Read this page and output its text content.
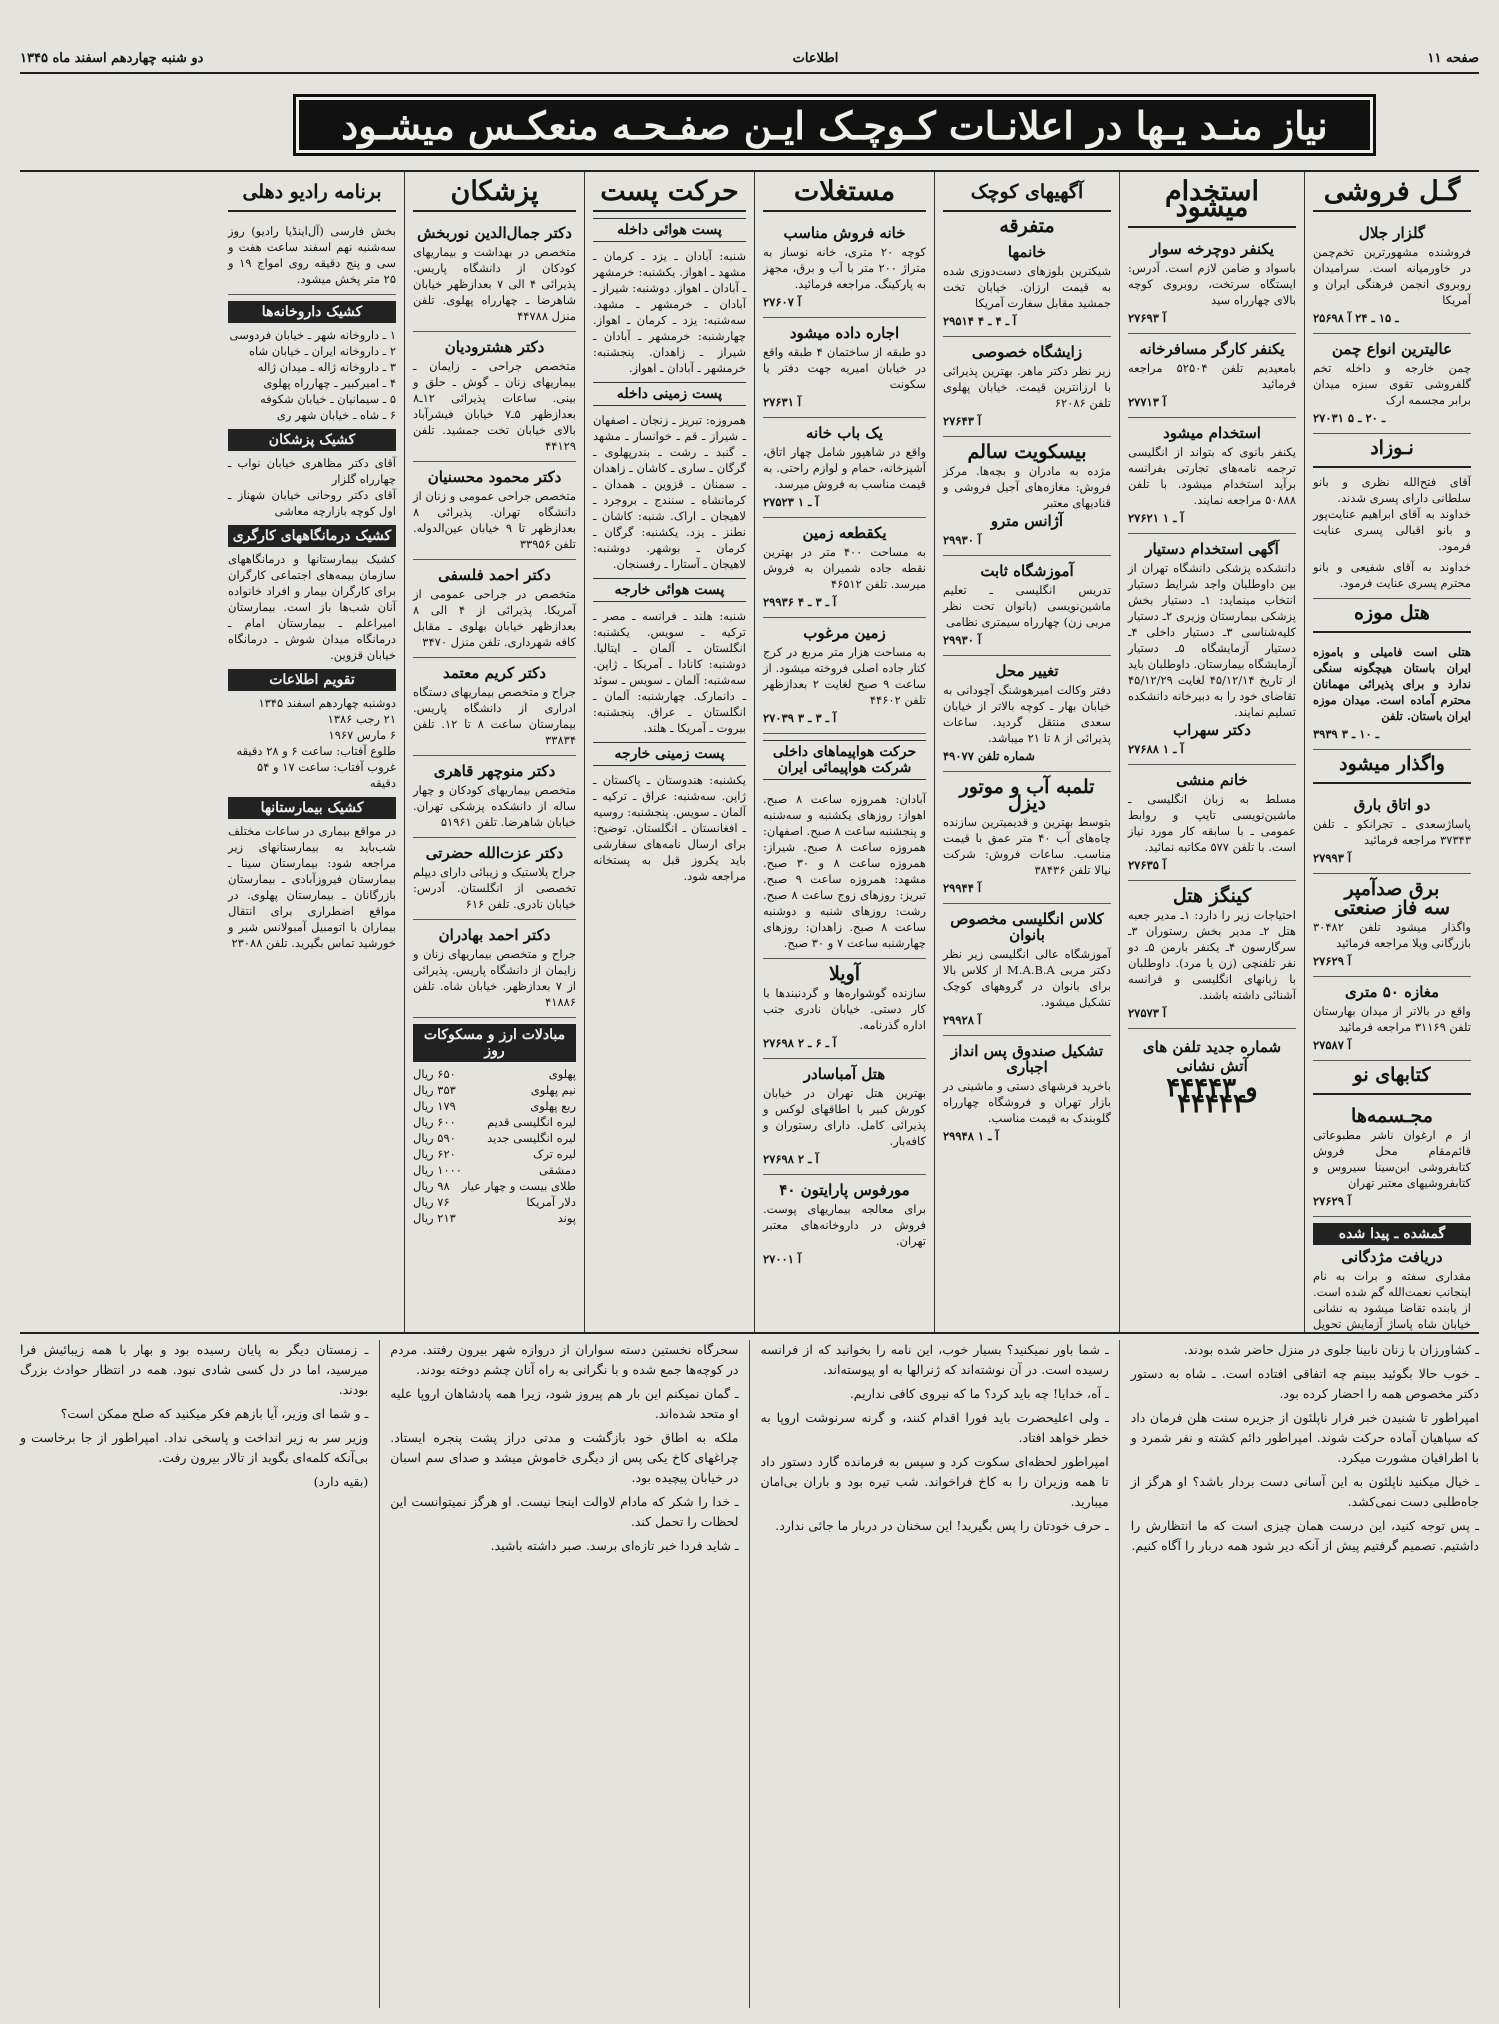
صفحه ۱۱
اطلاعات
دو شنبه چهاردهم اسفند ماه ۱۳۴۵
نیاز منـد یـها در اعلانـات کـوچـک ایـن صفـحـه منعکـس میشـود
گـل فروشی
گلزار جلال
فروشنده مشهورترین تخم‌چمن در خاورمیانه است. سرامیدان روبروی انجمن فرهنگی ایران و آمریکا
۲۵۶۹۸ ـ ۱۵ ـ ۲۴ آ
عالیترین انواع چمن
چمن خارجه و داخله تخم گلفروشی تقوی سبزه میدان برابر مجسمه ارک
۲۷۰۳۱ ـ ۲۰ ـ ۵
نـوزاد
آقای فتح‌الله نظری و بانو سلطانی دارای پسری شدند.
خداوند به آقای ابراهیم عنایت‌پور و بانو اقبالی پسری عنایت فرمود.
خداوند به آقای شفیعی و بانو محترم پسری عنایت فرمود.
هتل موزه
هتلی است فامیلی و باموزه ایران باستان هیچگونه سنگی ندارد و برای پذیرائی مهمانان محترم آماده است. میدان موزه ایران باستان. تلفن
۳۹۳۹ ـ ۱۰ ـ ۳
واگذار میشود
دو اتاق بارق
پاساژسعدی ـ تجرانکو ـ تلفن ۳۷۳۴۳ مراجعه فرمائید
۲۷۹۹۳ آ
برق صدآمپر
سه فاز صنعتی
واگذار میشود تلفن ۳۰۴۸۲ بازرگانی ویلا مراجعه فرمائید
۲۷۶۲۹ آ
مغازه ۵۰ متری
واقع در بالاتر از میدان بهارستان تلفن ۳۱۱۶۹ مراجعه فرمائید
۲۷۵۸۷ آ
کتابهای نو
مجـسمه‌ها
از م ارغوان ناشر مطبوعاتی قائم‌مقام محل فروش کتابفروشی ابن‌سینا سیروس و کتابفروشیهای معتبر تهران
۲۷۶۲۹ آ
گمشده ـ پیدا شده
دریافت مژدگانی
مقداری سفته و برات به نام اینجانب نعمت‌الله گم شده است. از یابنده تقاضا میشود به نشانی خیابان شاه پاساژ آزمایش تحویل
استخدام میشود
یکنفر دوچرخه سوار
باسواد و ضامن لازم است. آدرس: ایستگاه سرتخت، روبروی کوچه بالای چهارراه سید
۲۷۶۹۳ آ
یکنفر کارگر مسافرخانه
بامعیدیم تلفن ۵۲۵۰۴ مراجعه فرمائید
۲۷۷۱۳ آ
استخدام میشود
یکنفر بانوی که بتواند از انگلیسی ترجمه نامه‌های تجارتی بفرانسه برآید استخدام میشود. با تلفن ۵۰۸۸۸ مراجعه نمایند.
۲۷۶۲۱ آ ـ ۱
آگهی استخدام دستیار
دانشکده پزشکی دانشگاه تهران از بین داوطلبان واجد شرایط دستیار انتخاب مینماید: ۱ـ دستیار بخش پزشکی بیمارستان وزیری ۲ـ دستیار کلیه‌شناسی ۳ـ دستیار داخلی ۴ـ دستیار آزمایشگاه ۵ـ دستیار آزمایشگاه بیمارستان. داوطلبان باید از تاریخ ۴۵/۱۲/۱۴ لغایت ۴۵/۱۲/۲۹ تقاضای خود را به دبیرخانه دانشکده تسلیم نمایند.
دکتر سهراب
۲۷۶۸۸ آ ـ ۱
خانم منشی
مسلط به زبان انگلیسی ـ ماشین‌نویسی تایپ و روابط عمومی ـ با سابقه کار مورد نیاز است. با تلفن ۵۷۷ مکاتبه نمائید.
۲۷۶۳۵ آ
کینگز هتل
احتیاجات زیر را دارد: ۱ـ مدیر جعبه هتل ۲ـ مدیر بخش رستوران ۳ـ سرگارسون ۴ـ یکنفر بارمن ۵ـ دو نفر تلفنچی (زن یا مرد). داوطلبان با زبانهای انگلیسی و فرانسه آشنائی داشته باشند.
۲۷۵۷۳ آ
شماره جدید تلفن های
آتش نشانی
۴۴۴۴۳ و ۴۴۴۴۴
آگهیهای کوچک
متفرقه
خانمها
شیکترین بلوزهای دست‌دوزی شده به قیمت ارزان. خیابان تخت جمشید مقابل سفارت آمریکا
۲۹۵۱۴ آ ـ ۴ ـ ۴
زایشگاه خصوصی
زیر نظر دکتر ماهر. بهترین پذیرائی با ارزانترین قیمت. خیابان پهلوی تلفن ۶۲۰۸۶
۲۷۶۴۳ آ
بیسکویت سالم
مژده به مادران و بچه‌ها. مرکز فروش: مغازه‌های آجیل فروشی و قنادیهای معتبر
آژانس مترو
۲۹۹۳۰ آ
آموزشگاه ثابت
تدریس انگلیسی ـ تعلیم ماشین‌نویسی (بانوان تحت نظر مربی زن) چهارراه سیمتری نظامی
۲۹۹۳۰ آ
تغییر محل
دفتر وکالت امیرهوشنگ آچودانی به خیابان بهار ـ کوچه بالاتر از خیابان سعدی منتقل گردید. ساعات پذیرائی از ۸ تا ۲۱ میباشد.
شماره تلفن ۴۹۰۷۷
تلمبه آب و موتور دیزل
بتوسط بهترین و قدیمیترین سازنده چاه‌های آب ۴۰ متر عمق با قیمت مناسب. ساعات فروش: شرکت نیالا تلفن ۳۸۴۳۶
۲۹۹۴۴ آ
کلاس انگلیسی مخصوص بانوان
آموزشگاه عالی انگلیسی زیر نظر دکتر مربی M.A.B.A از کلاس بالا برای بانوان در گروههای کوچک تشکیل میشود.
۲۹۹۲۸ آ
تشکیل صندوق پس انداز اجباری
باخرید فرشهای دستی و ماشینی در بازار تهران و فروشگاه چهارراه گلوبندک به قیمت مناسب.
۲۹۹۴۸ آ ـ ۱
مستغلات
خانه فروش مناسب
کوچه ۲۰ متری، خانه نوساز به متراژ ۲۰۰ متر با آب و برق، مجهز به پارکینگ. مراجعه فرمائید.
۲۷۶۰۷ آ
اجاره داده میشود
دو طبقه از ساختمان ۴ طبقه واقع در خیابان امیریه جهت دفتر یا سکونت
۲۷۶۳۱ آ
یک باب خانه
واقع در شاهپور شامل چهار اتاق، آشپزخانه، حمام و لوازم راحتی. به قیمت مناسب به فروش میرسد.
۲۷۵۲۳ آ ـ ۱
یکقطعه زمین
به مساحت ۴۰۰ متر در بهترین نقطه جاده شمیران به فروش میرسد. تلفن ۴۶۵۱۲
۲۹۹۳۶ آ ـ ۳ ـ ۴
زمین مرغوب
به مساحت هزار متر مربع در کرج کنار جاده اصلی فروخته میشود. از ساعت ۹ صبح لغایت ۲ بعدازظهر تلفن ۴۴۶۰۲
۲۷۰۳۹ آ ـ ۳ ـ ۳
حرکت هواپیماهای داخلی شرکت هواپیمائی ایران
آبادان: همروزه ساعت ۸ صبح. اهواز: روزهای یکشنبه و سه‌شنبه و پنجشنبه ساعت ۸ صبح. اصفهان: همروزه ساعت ۸ صبح. شیراز: همروزه ساعت ۸ و ۳۰ صبح. مشهد: همروزه ساعت ۹ صبح. تبریز: روزهای زوج ساعت ۸ صبح. رشت: روزهای شنبه و دوشنبه ساعت ۸ صبح. زاهدان: روزهای چهارشنبه ساعت ۷ و ۳۰ صبح.
آویلا
سازنده گوشواره‌ها و گردنبندها با کار دستی. خیابان نادری جنب اداره گذرنامه.
۲۷۶۹۸ آ ـ ۶ ـ ۲
هتل آمباسادر
بهترین هتل تهران در خیابان کورش کبیر با اطاقهای لوکس و پذیرائی کامل. دارای رستوران و کافه‌بار.
۲۷۶۹۸ آ ـ ۲
مورفوس پارایتون ۴۰
برای معالجه بیماریهای پوست. فروش در داروخانه‌های معتبر تهران.
۲۷۰۰۱ آ
حرکت پست
پست هوائی داخله
شنبه: آبادان ـ یزد ـ کرمان ـ مشهد ـ اهواز. یکشنبه: خرمشهر ـ آبادان ـ اهواز. دوشنبه: شیراز ـ آبادان ـ خرمشهر ـ مشهد. سه‌شنبه: یزد ـ کرمان ـ اهواز. چهارشنبه: خرمشهر ـ آبادان ـ شیراز ـ زاهدان. پنجشنبه: خرمشهر ـ آبادان ـ اهواز.
پست زمینی داخله
همروزه: تبریز ـ زنجان ـ اصفهان ـ شیراز ـ قم ـ خوانسار ـ مشهد ـ گنبد ـ رشت ـ بندرپهلوی ـ گرگان ـ ساری ـ کاشان ـ زاهدان ـ سمنان ـ قزوین ـ همدان ـ کرمانشاه ـ سنندج ـ بروجرد ـ لاهیجان ـ اراک. شنبه: کاشان ـ نطنز ـ یزد. یکشنبه: گرگان ـ کرمان ـ بوشهر. دوشنبه: لاهیجان ـ آستارا ـ رفسنجان.
پست هوائی خارجه
شنبه: هلند ـ فرانسه ـ مصر ـ ترکیه ـ سویس. یکشنبه: انگلستان ـ آلمان ـ ایتالیا. دوشنبه: کانادا ـ آمریکا ـ ژاپن. سه‌شنبه: آلمان ـ سویس ـ سوئد ـ دانمارک. چهارشنبه: آلمان ـ انگلستان ـ عراق. پنجشنبه: بیروت ـ آمریکا ـ هلند.
پست زمینی خارجه
یکشنبه: هندوستان ـ پاکستان ـ ژاپن. سه‌شنبه: عراق ـ ترکیه ـ آلمان ـ سویس. پنجشنبه: روسیه ـ افغانستان ـ انگلستان. توضیح: برای ارسال نامه‌های سفارشی باید یکروز قبل به پستخانه مراجعه شود.
پزشکان
دکتر جمال‌الدین نوربخش
متخصص در بهداشت و بیماریهای کودکان از دانشگاه پاریس. پذیرائی ۴ الی ۷ بعدازظهر خیابان شاهرضا ـ چهارراه پهلوی. تلفن منزل ۴۴۷۸۸
دکتر هشترودیان
متخصص جراحی ـ زایمان ـ بیماریهای زنان ـ گوش ـ حلق و بینی. ساعات پذیرائی ۱۲ـ۸ بعدازظهر ۵ـ۷ خیابان فیشرآباد بالای خیابان تخت جمشید. تلفن ۴۴۱۲۹
دکتر محمود محسنیان
متخصص جراحی عمومی و زنان از دانشگاه تهران. پذیرائی ۸ بعدازظهر تا ۹ خیابان عین‌الدوله. تلفن ۳۳۹۵۶
دکتر احمد فلسفی
متخصص در جراحی عمومی از آمریکا. پذیرائی از ۴ الی ۸ بعدازظهر خیابان بهلوی ـ مقابل کافه شهرداری. تلفن منزل ۳۴۷۰
دکتر کریم معتمد
جراح و متخصص بیماریهای دستگاه ادراری از دانشگاه پاریس. بیمارستان ساعت ۸ تا ۱۲. تلفن ۳۳۸۳۴
دکتر منوچهر قاهری
متخصص بیماریهای کودکان و چهار ساله از دانشکده پزشکی تهران. خیابان شاهرضا. تلفن ۵۱۹۶۱
دکتر عزت‌الله حضرتی
جراح پلاستیک و زیبائی دارای دیپلم تخصصی از انگلستان. آدرس: خیابان نادری. تلفن ۶۱۶
دکتر احمد بهادران
جراح و متخصص بیماریهای زنان و زایمان از دانشگاه پاریس. پذیرائی از ۷ بعدازظهر. خیابان شاه. تلفن ۴۱۸۸۶
مبادلات ارز و مسکوکات روز
پهلوی
۶۵۰ ریال
نیم پهلوی
۳۵۳ ریال
ربع پهلوی
۱۷۹ ریال
لیره انگلیسی قدیم
۶۰۰ ریال
لیره انگلیسی جدید
۵۹۰ ریال
لیره ترک
۶۲۰ ریال
دمشقی
۱۰۰۰ ریال
طلای بیست و چهار عیار
۹۸ ریال
دلار آمریکا
۷۶ ریال
پوند
۲۱۳ ریال
برنامه رادیو دهلی
بخش فارسی (آل‌اینڈیا رادیو) روز سه‌شنبه نهم اسفند ساعت هفت و سی و پنج دقیقه روی امواج ۱۹ و ۲۵ متر پخش میشود.
کشیک داروخانه‌ها
۱ ـ داروخانه شهر ـ خیابان فردوسی
۲ ـ داروخانه ایران ـ خیابان شاه
۳ ـ داروخانه ژاله ـ میدان ژاله
۴ ـ امیرکبیر ـ چهارراه پهلوی
۵ ـ سیمانیان ـ خیابان شکوفه
۶ ـ شاه ـ خیابان شهر ری
کشیک پزشکان
آقای دکتر مظاهری خیابان نواب ـ چهارراه گلزار
آقای دکتر روحانی خیابان شهناز ـ اول کوچه بازارچه معاشی
کشیک درمانگاههای کارگری
کشیک بیمارستانها و درمانگاههای سازمان بیمه‌های اجتماعی کارگران برای کارگران بیمار و افراد خانواده آنان شب‌ها باز است. بیمارستان امیراعلم ـ بیمارستان امام ـ درمانگاه میدان شوش ـ درمانگاه خیابان قزوین.
تقویم اطلاعات
دوشنبه چهاردهم اسفند ۱۳۴۵
۲۱ رجب ۱۳۸۶
۶ مارس ۱۹۶۷
طلوع آفتاب: ساعت ۶ و ۲۸ دقیقه
غروب آفتاب: ساعت ۱۷ و ۵۴ دقیقه
کشیک بیمارستانها
در مواقع بیماری در ساعات مختلف شب‌باید به بیمارستانهای زیر مراجعه شود: بیمارستان سینا ـ بیمارستان فیروزآبادی ـ بیمارستان بازرگانان ـ بیمارستان پهلوی. در مواقع اضطراری برای انتقال بیماران با اتومبیل آمبولانس شیر و خورشید تماس بگیرید. تلفن ۲۳۰۸۸

ـ کشاورزان با زنان نابینا جلوی در منزل حاضر شده بودند.

ـ خوب حالا بگوئید ببینم چه اتفاقی افتاده است. ـ شاه به دستور دکتر مخصوص همه را احضار کرده بود.

امپراطور تا شنیدن خبر فرار ناپلئون از جزیره سنت هلن فرمان داد که سپاهیان آماده حرکت شوند. امپراطور دائم کشته و نفر شمرد و با اطرافیان مشورت میکرد.

ـ خیال میکنید ناپلئون به این آسانی دست بردار باشد؟ او هرگز از جاه‌طلبی دست نمی‌کشد.

ـ پس توجه کنید، این درست همان چیزی است که ما انتظارش را داشتیم. تصمیم گرفتیم پیش از آنکه دیر شود همه دربار را آگاه کنیم.

ـ شما باور نمیکنید؟ بسیار خوب، این نامه را بخوانید که از فرانسه رسیده است. در آن نوشته‌اند که ژنرالها به او پیوسته‌اند.

ـ آه، خدایا! چه باید کرد؟ ما که نیروی کافی نداریم.

ـ ولی اعلیحضرت باید فورا اقدام کنند، و گرنه سرنوشت اروپا به خطر خواهد افتاد.

امپراطور لحظه‌ای سکوت کرد و سپس به فرمانده گارد دستور داد تا همه وزیران را به کاخ فراخواند. شب تیره بود و باران بی‌امان میبارید.

ـ حرف خودتان را پس بگیرید! این سخنان در دربار ما جائی ندارد.

سحرگاه نخستین دسته سواران از دروازه شهر بیرون رفتند. مردم در کوچه‌ها جمع شده و با نگرانی به راه آنان چشم دوخته بودند.

ـ گمان نمیکنم این بار هم پیروز شود، زیرا همه پادشاهان اروپا علیه او متحد شده‌اند.

ملکه به اطاق خود بازگشت و مدتی دراز پشت پنجره ایستاد. چراغهای کاخ یکی پس از دیگری خاموش میشد و صدای سم اسبان در خیابان پیچیده بود.

ـ خدا را شکر که مادام لاوالت اینجا نیست. او هرگز نمیتوانست این لحظات را تحمل کند.

ـ شاید فردا خبر تازه‌ای برسد. صبر داشته باشید.

ـ زمستان دیگر به پایان رسیده بود و بهار با همه زیبائیش فرا میرسید، اما در دل کسی شادی نبود. همه در انتظار حوادث بزرگ بودند.

ـ و شما ای وزیر، آیا بازهم فکر میکنید که صلح ممکن است؟

وزیر سر به زیر انداخت و پاسخی نداد. امپراطور از جا برخاست و بی‌آنکه کلمه‌ای بگوید از تالار بیرون رفت.

(بقیه دارد)
